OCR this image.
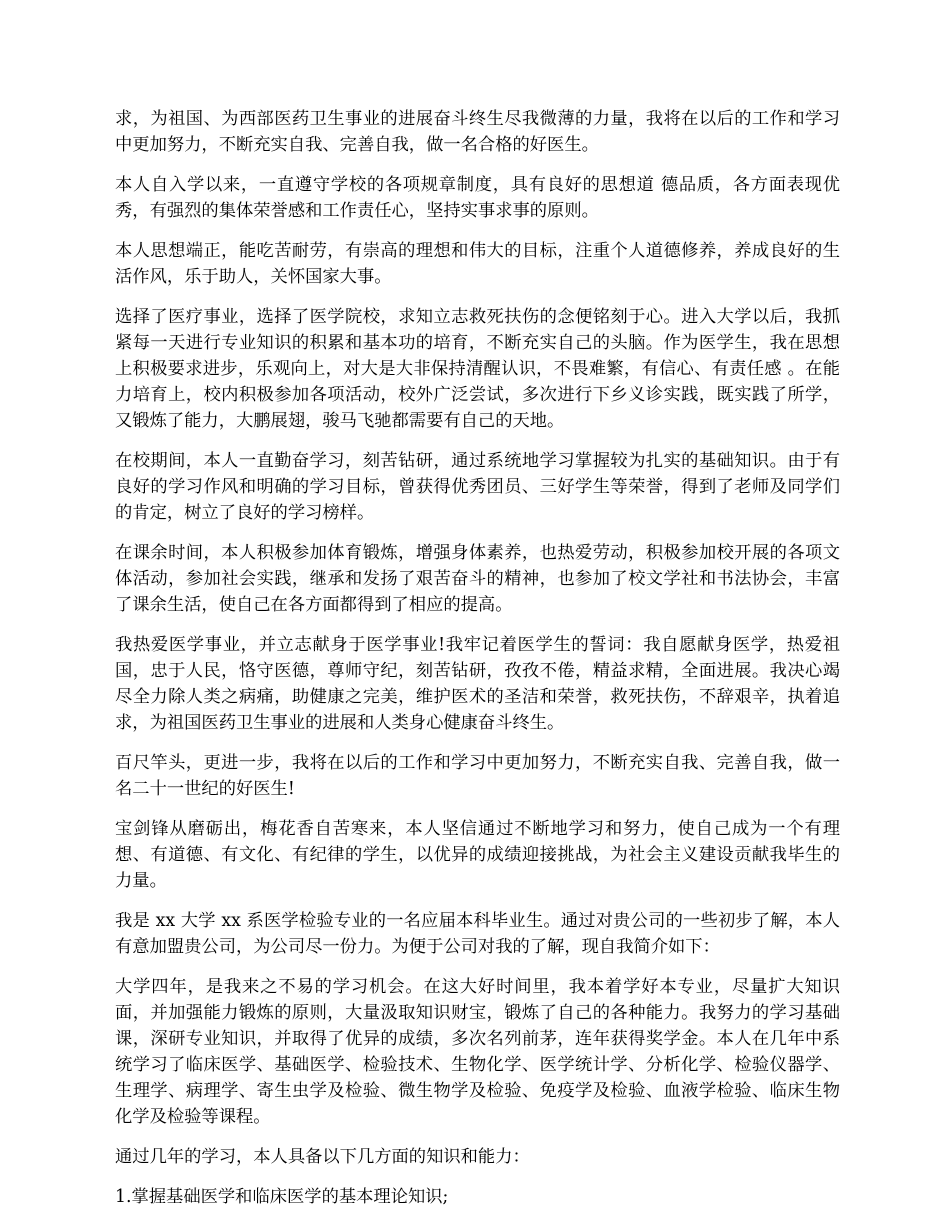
求，为祖国、为西部医药卫生事业的进展奋斗终生尽我微薄的力量，我将在以后的工作和学习中更加努力，不断充实自我、完善自我，做一名合格的好医生。

本人自入学以来，一直遵守学校的各项规章制度，具有良好的思想道 德品质，各方面表现优秀，有强烈的集体荣誉感和工作责任心，坚持实事求事的原则。

本人思想端正，能吃苦耐劳，有崇高的理想和伟大的目标，注重个人道德修养，养成良好的生活作风，乐于助人，关怀国家大事。

选择了医疗事业，选择了医学院校，求知立志救死扶伤的念便铭刻于心。进入大学以后，我抓紧每一天进行专业知识的积累和基本功的培育，不断充实自己的头脑。作为医学生，我在思想上积极要求进步，乐观向上，对大是大非保持清醒认识，不畏难繁，有信心、有责任感 。在能力培育上，校内积极参加各项活动，校外广泛尝试，多次进行下乡义诊实践，既实践了所学，又锻炼了能力，大鹏展翅，骏马飞驰都需要有自己的天地。

在校期间，本人一直勤奋学习，刻苦钻研，通过系统地学习掌握较为扎实的基础知识。由于有良好的学习作风和明确的学习目标，曾获得优秀团员、三好学生等荣誉，得到了老师及同学们的肯定，树立了良好的学习榜样。

在课余时间，本人积极参加体育锻炼，增强身体素养，也热爱劳动，积极参加校开展的各项文体活动，参加社会实践，继承和发扬了艰苦奋斗的精神，也参加了校文学社和书法协会，丰富了课余生活，使自己在各方面都得到了相应的提高。

我热爱医学事业，并立志献身于医学事业!我牢记着医学生的誓词：我自愿献身医学，热爱祖国，忠于人民，恪守医德，尊师守纪，刻苦钻研，孜孜不倦，精益求精，全面进展。我决心竭尽全力除人类之病痛，助健康之完美，维护医术的圣洁和荣誉，救死扶伤，不辞艰辛，执着追求，为祖国医药卫生事业的进展和人类身心健康奋斗终生。

百尺竿头，更进一步，我将在以后的工作和学习中更加努力，不断充实自我、完善自我，做一名二十一世纪的好医生!

宝剑锋从磨砺出，梅花香自苦寒来，本人坚信通过不断地学习和努力，使自己成为一个有理想、有道德、有文化、有纪律的学生，以优异的成绩迎接挑战，为社会主义建设贡献我毕生的力量。

我是 xx 大学 xx 系医学检验专业的一名应届本科毕业生。通过对贵公司的一些初步了解，本人有意加盟贵公司，为公司尽一份力。为便于公司对我的了解，现自我简介如下：

大学四年，是我来之不易的学习机会。在这大好时间里，我本着学好本专业，尽量扩大知识面，并加强能力锻炼的原则，大量汲取知识财宝，锻炼了自己的各种能力。我努力的学习基础课，深研专业知识，并取得了优异的成绩，多次名列前茅，连年获得奖学金。本人在几年中系统学习了临床医学、基础医学、检验技术、生物化学、医学统计学、分析化学、检验仪器学、生理学、病理学、寄生虫学及检验、微生物学及检验、免疫学及检验、血液学检验、临床生物化学及检验等课程。

通过几年的学习，本人具备以下几方面的知识和能力：

1.掌握基础医学和临床医学的基本理论知识;
